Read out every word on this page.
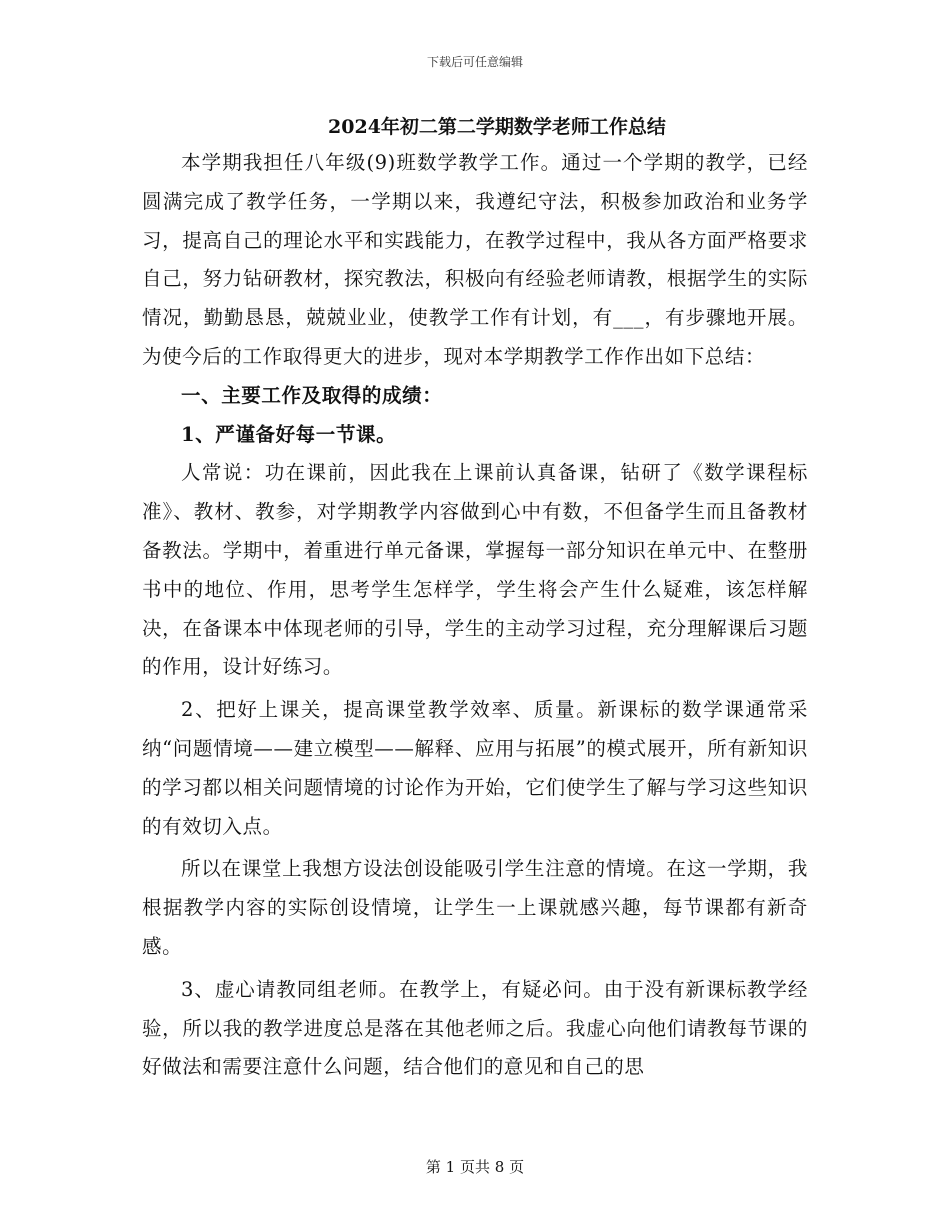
下载后可任意编辑
2024年初二第二学期数学老师工作总结

本学期我担任八年级(9)班数学教学工作。通过一个学期的教学，已经圆满完成了教学任务，一学期以来，我遵纪守法，积极参加政治和业务学习，提高自己的理论水平和实践能力，在教学过程中，我从各方面严格要求自己，努力钻研教材，探究教法，积极向有经验老师请教，根据学生的实际情况，勤勤恳恳，兢兢业业，使教学工作有计划，有___，有步骤地开展。为使今后的工作取得更大的进步，现对本学期教学工作作出如下总结：

一、主要工作及取得的成绩：

1、严谨备好每一节课。

人常说：功在课前，因此我在上课前认真备课，钻研了《数学课程标准》、教材、教参，对学期教学内容做到心中有数，不但备学生而且备教材备教法。学期中，着重进行单元备课，掌握每一部分知识在单元中、在整册书中的地位、作用，思考学生怎样学，学生将会产生什么疑难，该怎样解决，在备课本中体现老师的引导，学生的主动学习过程，充分理解课后习题的作用，设计好练习。

2、把好上课关，提高课堂教学效率、质量。新课标的数学课通常采纳“问题情境——建立模型——解释、应用与拓展”的模式展开，所有新知识的学习都以相关问题情境的讨论作为开始，它们使学生了解与学习这些知识的有效切入点。

所以在课堂上我想方设法创设能吸引学生注意的情境。在这一学期，我根据教学内容的实际创设情境，让学生一上课就感兴趣，每节课都有新奇感。

3、虚心请教同组老师。在教学上，有疑必问。由于没有新课标教学经验，所以我的教学进度总是落在其他老师之后。我虚心向他们请教每节课的好做法和需要注意什么问题，结合他们的意见和自己的思

第 1 页共 8 页
